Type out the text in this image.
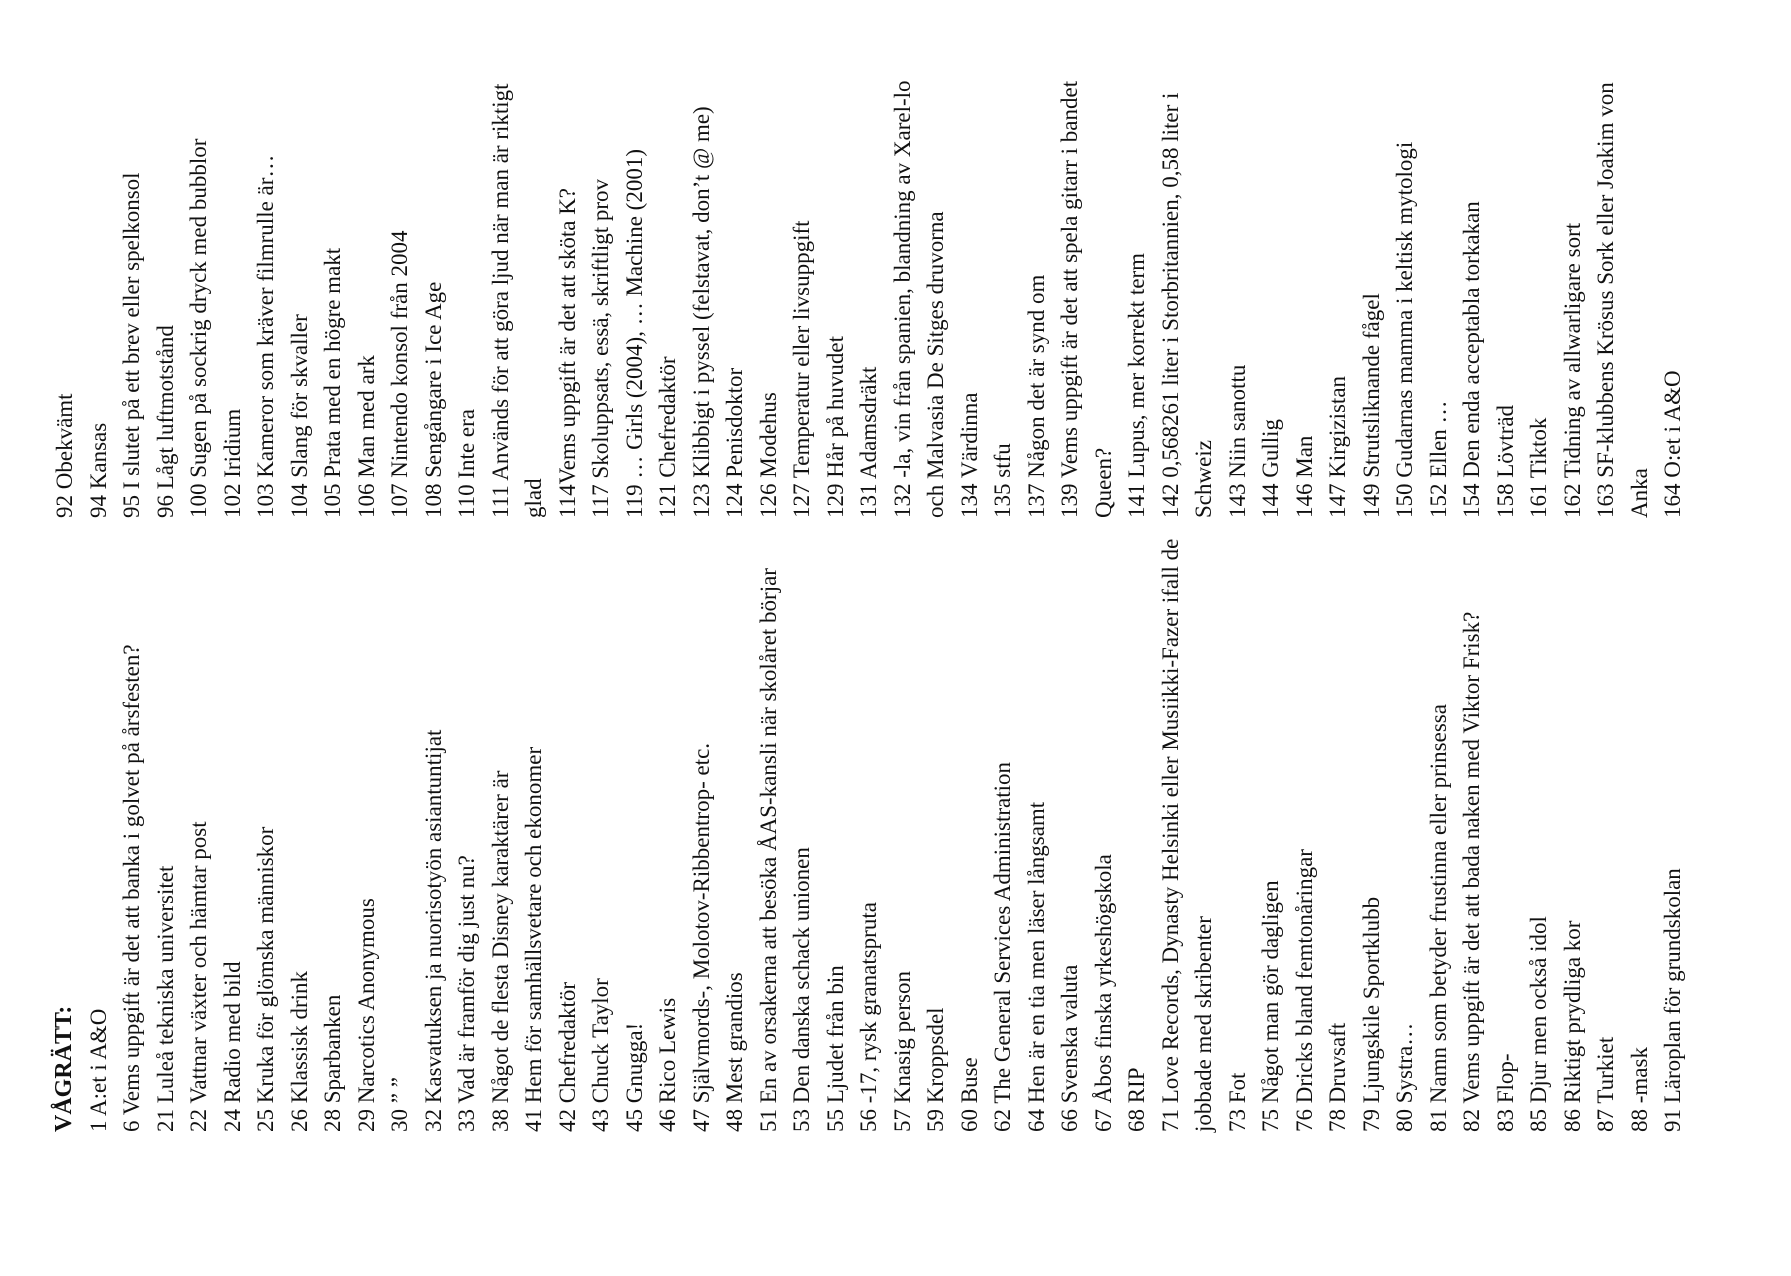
VÅGRÄTT: 1 A:et i A&O 6 Vems uppgift är det att banka i golvet på årsfesten? 21 Luleå tekniska universitet 22 Vattnar växter och hämtar post 24 Radio med bild 25 Kruka för glömska människor 26 Klassisk drink 28 Sparbanken 29 Narcotics Anonymous 30 ” ” 32 Kasvatuksen ja nuorisotyön asiantuntijat 33 Vad är framför dig just nu? 38 Något de flesta Disney karaktärer är 41 Hem för samhällsvetare och ekonomer 42 Chefredaktör 43 Chuck Taylor 45 Gnugga! 46 Rico Lewis 47 Självmords-, Molotov-Ribbentrop- etc. 48 Mest grandios 51 En av orsakerna att besöka ÅAS-kansli när skolåret börjar 53 Den danska schack unionen 55 Ljudet från bin 56 -17, rysk granatspruta 57 Knasig person 59 Kroppsdel 60 Buse 62 The General Services Administration 64 Hen är en tia men läser långsamt 66 Svenska valuta 67 Åbos finska yrkeshögskola 68 RIP 71 Love Records, Dynasty Helsinki eller Musiikki-Fazer ifall de jobbade med skribenter 73 Fot 75 Något man gör dagligen 76 Dricks bland femtonåringar 78 Druvsaft 79 Ljungskile Sportklubb 80 Systra… 81 Namn som betyder frustinna eller prinsessa 82 Vems uppgift är det att bada naken med Viktor Frisk? 83 Flop- 85 Djur men också idol 86 Riktigt prydliga kor 87 Turkiet 88 -mask 91 Läroplan för grundskolan
92 Obekvämt 94 Kansas 95 I slutet på ett brev eller spelkonsol 96 Lågt luftmotstånd 100 Sugen på sockrig dryck med bubblor 102 Iridium 103 Kameror som kräver filmrulle är… 104 Slang för skvaller 105 Prata med en högre makt 106 Man med ark 107 Nintendo konsol från 2004 108 Sengångare i Ice Age 110 Inte era 111 Används för att göra ljud när man är riktigt glad 114Vems uppgift är det att sköta K? 117 Skoluppsats, essä, skriftligt prov 119 … Girls (2004), … Machine (2001) 121 Chefredaktör 123 Klibbigt i pyssel (felstavat, don’t @ me) 124 Penisdoktor 126 Modehus 127 Temperatur eller livsuppgift 129 Hår på huvudet 131 Adamsdräkt 132 -la, vin från spanien, blandning av Xarel-lo och Malvasia De Sitges druvorna 134 Värdinna 135 stfu 137 Någon det är synd om 139 Vems uppgift är det att spela gitarr i bandet Queen? 141 Lupus, mer korrekt term 142 0,568261 liter i Storbritannien, 0,58 liter i Schweiz 143 Niin sanottu 144 Gullig 146 Man 147 Kirgizistan 149 Strutsliknande fågel 150 Gudarnas mamma i keltisk mytologi 152 Ellen … 154 Den enda acceptabla torkakan 158 Lövträd 161 Tiktok 162 Tidning av allwarligare sort 163 SF-klubbens Krösus Sork eller Joakim von Anka 164 O:et i A&O
